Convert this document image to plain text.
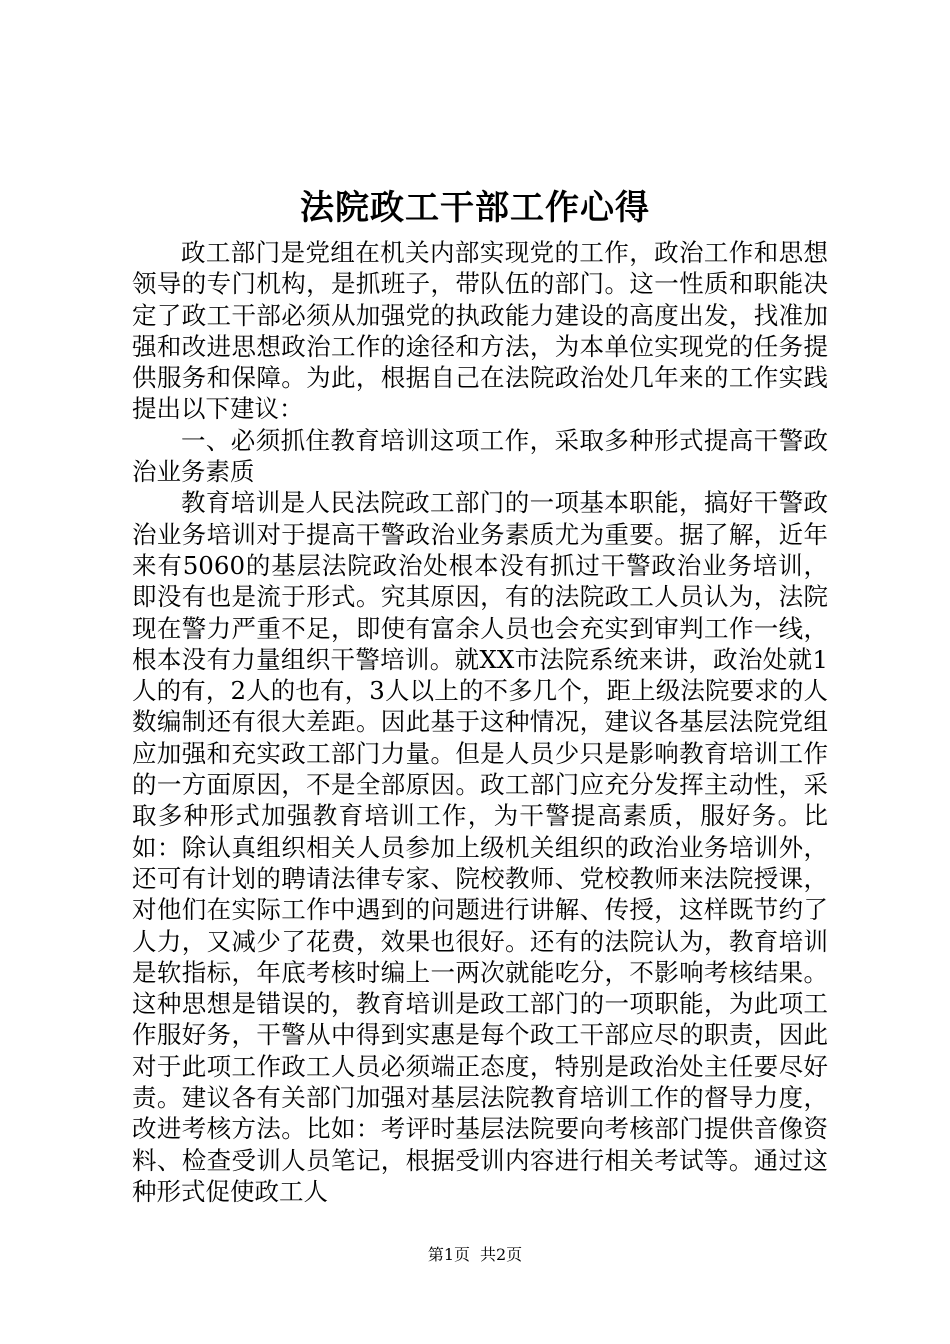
法院政工干部工作心得

政工部门是党组在机关内部实现党的工作，政治工作和思想领导的专门机构，是抓班子，带队伍的部门。这一性质和职能决定了政工干部必须从加强党的执政能力建设的高度出发，找准加强和改进思想政治工作的途径和方法，为本单位实现党的任务提供服务和保障。为此，根据自己在法院政治处几年来的工作实践提出以下建议：

一、必须抓住教育培训这项工作，采取多种形式提高干警政治业务素质

教育培训是人民法院政工部门的一项基本职能，搞好干警政治业务培训对于提高干警政治业务素质尤为重要。据了解，近年来有5060的基层法院政治处根本没有抓过干警政治业务培训，即没有也是流于形式。究其原因，有的法院政工人员认为，法院现在警力严重不足，即使有富余人员也会充实到审判工作一线，根本没有力量组织干警培训。就XX市法院系统来讲，政治处就1人的有，2人的也有，3人以上的不多几个，距上级法院要求的人数编制还有很大差距。因此基于这种情况，建议各基层法院党组应加强和充实政工部门力量。但是人员少只是影响教育培训工作的一方面原因，不是全部原因。政工部门应充分发挥主动性，采取多种形式加强教育培训工作，为干警提高素质，服好务。比如：除认真组织相关人员参加上级机关组织的政治业务培训外，还可有计划的聘请法律专家、院校教师、党校教师来法院授课，对他们在实际工作中遇到的问题进行讲解、传授，这样既节约了人力，又减少了花费，效果也很好。还有的法院认为，教育培训是软指标，年底考核时编上一两次就能吃分，不影响考核结果。这种思想是错误的，教育培训是政工部门的一项职能，为此项工作服好务，干警从中得到实惠是每个政工干部应尽的职责，因此对于此项工作政工人员必须端正态度，特别是政治处主任要尽好责。建议各有关部门加强对基层法院教育培训工作的督导力度，改进考核方法。比如：考评时基层法院要向考核部门提供音像资料、检查受训人员笔记，根据受训内容进行相关考试等。通过这种形式促使政工人

第1页 共2页
